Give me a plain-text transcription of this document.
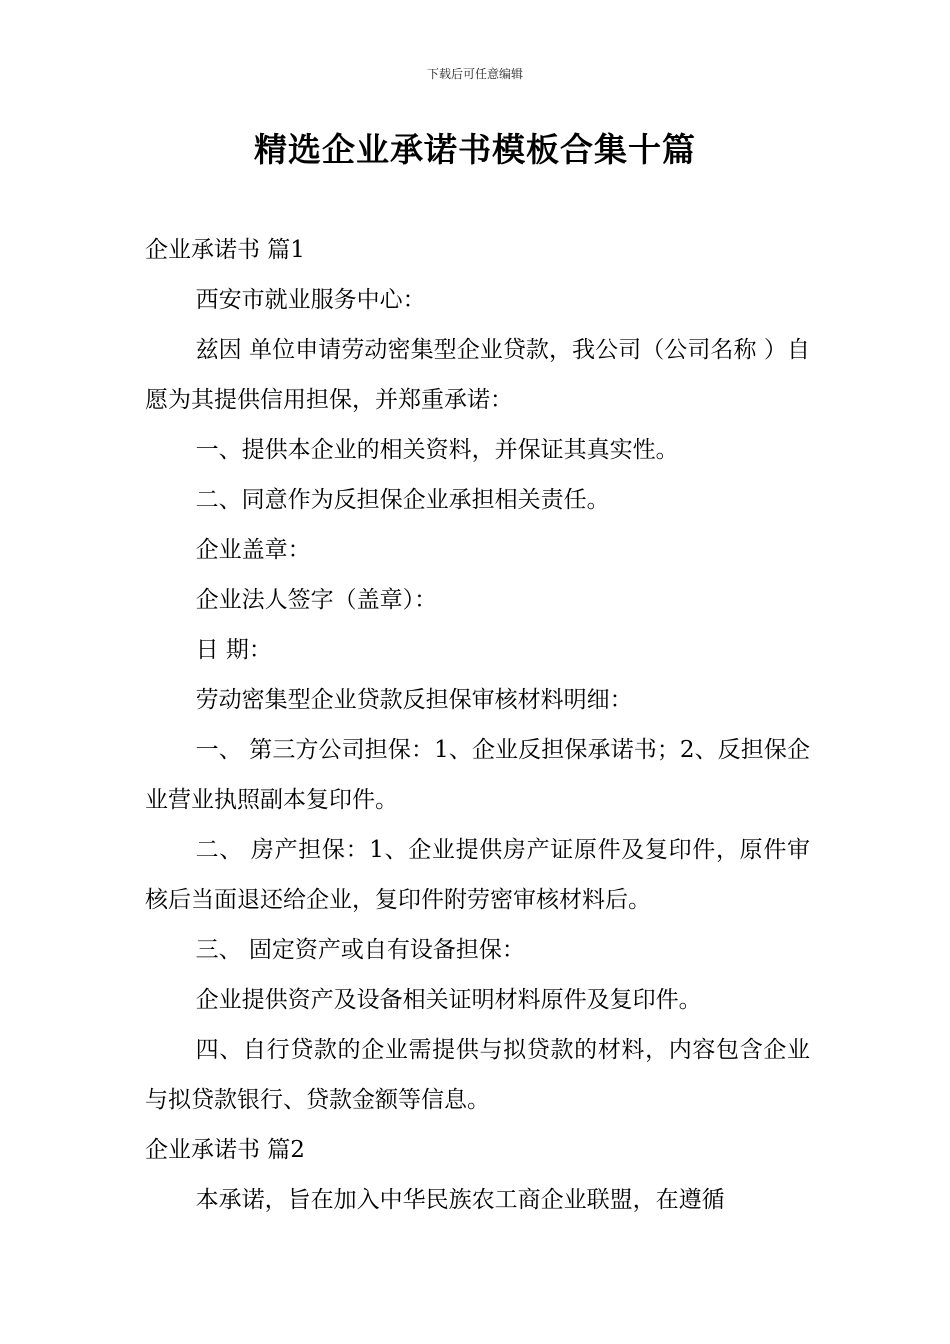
下载后可任意编辑
精选企业承诺书模板合集十篇
企业承诺书 篇1
西安市就业服务中心：
兹因 单位申请劳动密集型企业贷款，我公司（公司名称 ）自愿为其提供信用担保，并郑重承诺：
一、提供本企业的相关资料，并保证其真实性。
二、同意作为反担保企业承担相关责任。
企业盖章：
企业法人签字（盖章）：
日 期：
劳动密集型企业贷款反担保审核材料明细：
一、 第三方公司担保：1、企业反担保承诺书；2、反担保企业营业执照副本复印件。
二、 房产担保：1、企业提供房产证原件及复印件，原件审核后当面退还给企业，复印件附劳密审核材料后。
三、 固定资产或自有设备担保：
企业提供资产及设备相关证明材料原件及复印件。
四、自行贷款的企业需提供与拟贷款的材料，内容包含企业与拟贷款银行、贷款金额等信息。
企业承诺书 篇2
本承诺，旨在加入中华民族农工商企业联盟，在遵循
